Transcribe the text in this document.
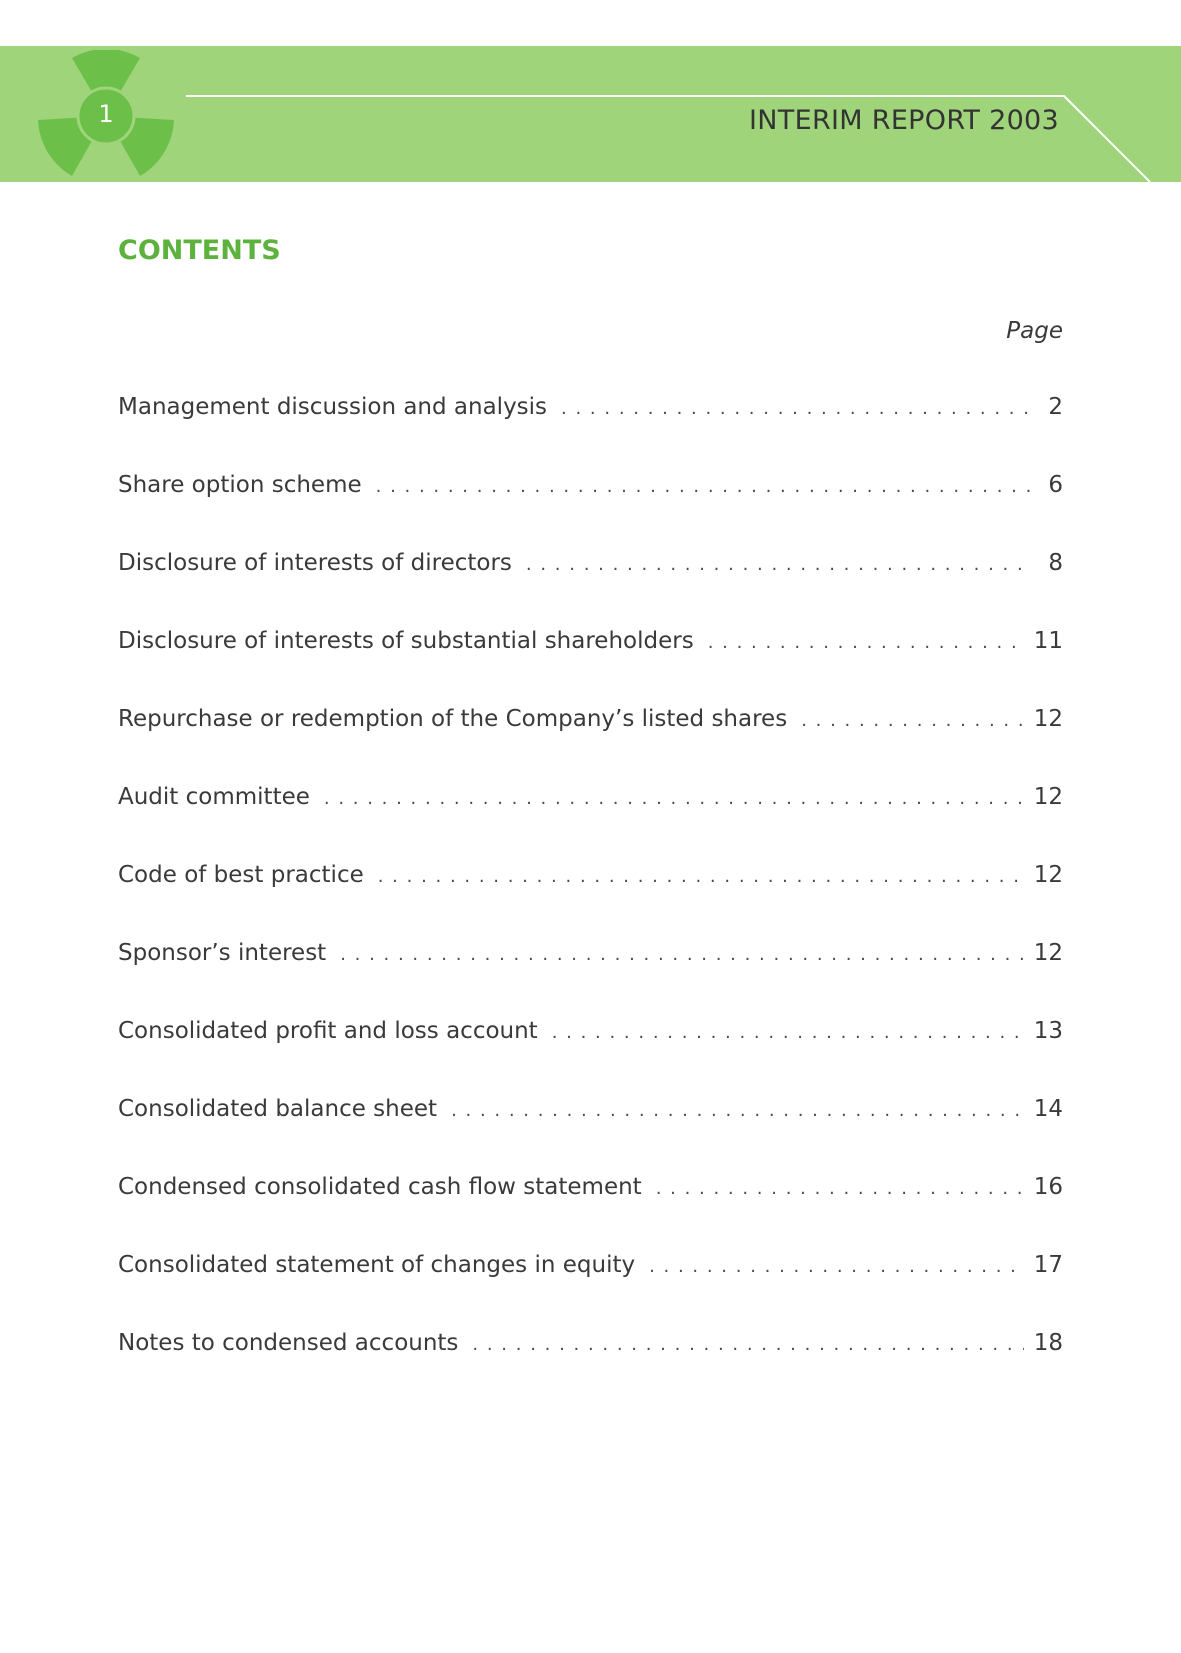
1	INTERIM REPORT 2003
CONTENTS
Page
Management discussion and analysis . . .	2
Share option scheme . . .	6
Disclosure of interests of directors . . .	8
Disclosure of interests of substantial shareholders . . .	11
Repurchase or redemption of the Company’s listed shares . . .	12
Audit committee . . .	12
Code of best practice . . .	12
Sponsor’s interest . . .	12
Consolidated profit and loss account . . .	13
Consolidated balance sheet . . .	14
Condensed consolidated cash flow statement . . .	16
Consolidated statement of changes in equity . . .	17
Notes to condensed accounts . . .	18
